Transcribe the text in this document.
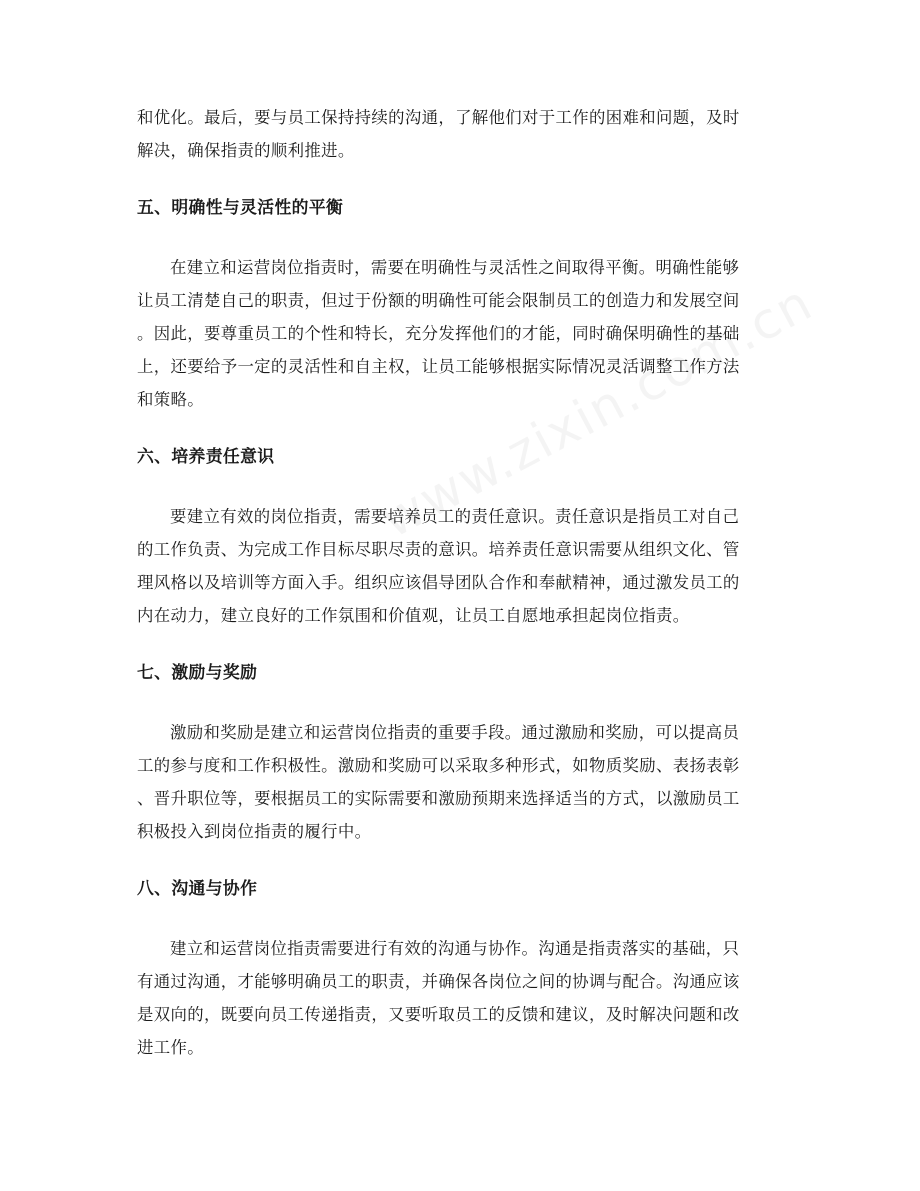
和优化。最后，要与员工保持持续的沟通，了解他们对于工作的困难和问题，及时
解决，确保指责的顺利推进。

五、明确性与灵活性的平衡

在建立和运营岗位指责时，需要在明确性与灵活性之间取得平衡。明确性能够
让员工清楚自己的职责，但过于份额的明确性可能会限制员工的创造力和发展空间
。因此，要尊重员工的个性和特长，充分发挥他们的才能，同时确保明确性的基础
上，还要给予一定的灵活性和自主权，让员工能够根据实际情况灵活调整工作方法
和策略。

六、培养责任意识

要建立有效的岗位指责，需要培养员工的责任意识。责任意识是指员工对自己
的工作负责、为完成工作目标尽职尽责的意识。培养责任意识需要从组织文化、管
理风格以及培训等方面入手。组织应该倡导团队合作和奉献精神，通过激发员工的
内在动力，建立良好的工作氛围和价值观，让员工自愿地承担起岗位指责。

七、激励与奖励

激励和奖励是建立和运营岗位指责的重要手段。通过激励和奖励，可以提高员
工的参与度和工作积极性。激励和奖励可以采取多种形式，如物质奖励、表扬表彰
、晋升职位等，要根据员工的实际需要和激励预期来选择适当的方式，以激励员工
积极投入到岗位指责的履行中。

八、沟通与协作

建立和运营岗位指责需要进行有效的沟通与协作。沟通是指责落实的基础，只
有通过沟通，才能够明确员工的职责，并确保各岗位之间的协调与配合。沟通应该
是双向的，既要向员工传递指责，又要听取员工的反馈和建议，及时解决问题和改
进工作。
